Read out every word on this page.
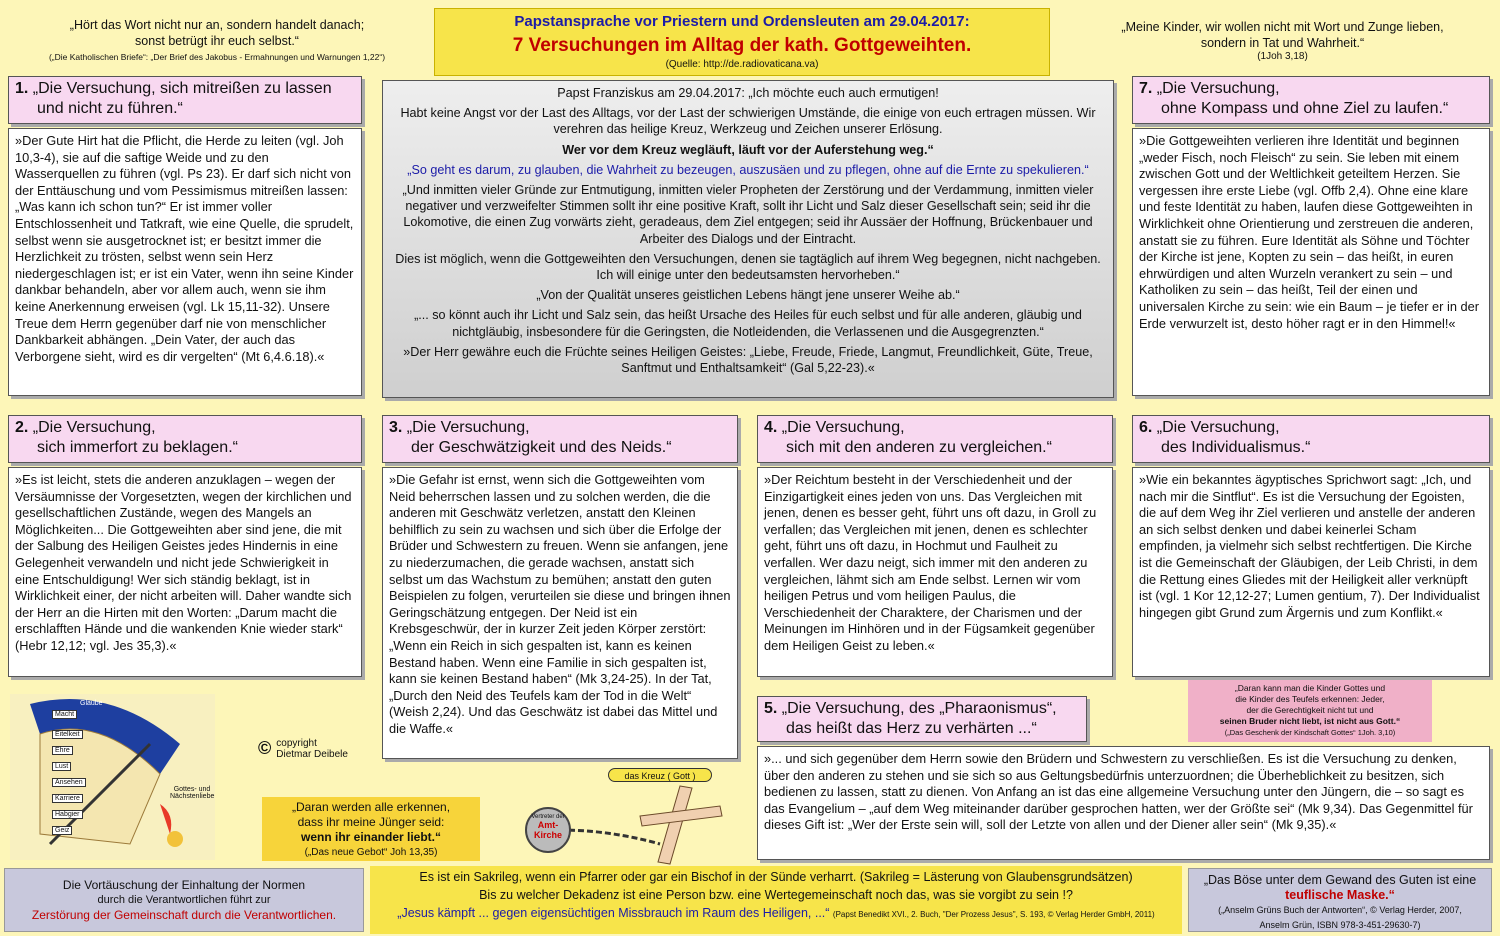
„Hört das Wort nicht nur an, sondern handelt danach;
sonst betrügt ihr euch selbst.“
(„Die Katholischen Briefe“: „Der Brief des Jakobus - Ermahnungen und Warnungen 1,22“)
Papstansprache vor Priestern und Ordensleuten am 29.04.2017:
7 Versuchungen im Alltag der kath. Gottgeweihten.
(Quelle: http://de.radiovaticana.va)
„Meine Kinder, wir wollen nicht mit Wort und Zunge lieben,
sondern in Tat und Wahrheit.“
(1Joh 3,18)
1. „Die Versuchung, sich mitreißen zu lassen
und nicht zu führen.“
»Der Gute Hirt hat die Pflicht, die Herde zu leiten (vgl. Joh 10,3-4), sie auf die saftige Weide und zu den Wasserquellen zu führen (vgl. Ps 23). Er darf sich nicht von der Enttäuschung und vom Pessimismus mitreißen lassen: „Was kann ich schon tun?“ Er ist immer voller Entschlossenheit und Tatkraft, wie eine Quelle, die sprudelt, selbst wenn sie ausgetrocknet ist; er besitzt immer die Herzlichkeit zu trösten, selbst wenn sein Herz niedergeschlagen ist; er ist ein Vater, wenn ihn seine Kinder dankbar behandeln, aber vor allem auch, wenn sie ihm keine Anerkennung erweisen (vgl. Lk 15,11-32). Unsere Treue dem Herrn gegenüber darf nie von menschlicher Dankbarkeit abhängen. „Dein Vater, der auch das Verborgene sieht, wird es dir vergelten“ (Mt 6,4.6.18).«

Papst Franziskus am 29.04.2017: „Ich möchte euch auch ermutigen!

Habt keine Angst vor der Last des Alltags, vor der Last der schwierigen Umstände, die einige von euch ertragen müssen. Wir verehren das heilige Kreuz, Werkzeug und Zeichen unserer Erlösung.

Wer vor dem Kreuz wegläuft, läuft vor der Auferstehung weg.“

„So geht es darum, zu glauben, die Wahrheit zu bezeugen, auszusäen und zu pflegen, ohne auf die Ernte zu spekulieren.“

„Und inmitten vieler Gründe zur Entmutigung, inmitten vieler Propheten der Zerstörung und der Verdammung, inmitten vieler negativer und verzweifelter Stimmen sollt ihr eine positive Kraft, sollt ihr Licht und Salz dieser Gesellschaft sein; seid ihr die Lokomotive, die einen Zug vorwärts zieht, geradeaus, dem Ziel entgegen; seid ihr Aussäer der Hoffnung, Brückenbauer und Arbeiter des Dialogs und der Eintracht.

Dies ist möglich, wenn die Gottgeweihten den Versuchungen, denen sie tagtäglich auf ihrem Weg begegnen, nicht nachgeben. Ich will einige unter den bedeutsamsten hervorheben.“

„Von der Qualität unseres geistlichen Lebens hängt jene unserer Weihe ab.“

„... so könnt auch ihr Licht und Salz sein, das heißt Ursache des Heiles für euch selbst und für alle anderen, gläubig und nichtgläubig, insbesondere für die Geringsten, die Notleidenden, die Verlassenen und die Ausgegrenzten.“

»Der Herr gewähre euch die Früchte seines Heiligen Geistes: „Liebe, Freude, Friede, Langmut, Freundlichkeit, Güte, Treue, Sanftmut und Enthaltsamkeit“ (Gal 5,22-23).«

7. „Die Versuchung,
ohne Kompass und ohne Ziel zu laufen.“
»Die Gottgeweihten verlieren ihre Identität und beginnen „weder Fisch, noch Fleisch“ zu sein. Sie leben mit einem zwischen Gott und der Weltlichkeit geteiltem Herzen. Sie vergessen ihre erste Liebe (vgl. Offb 2,4). Ohne eine klare und feste Identität zu haben, laufen diese Gottgeweihten in Wirklichkeit ohne Orientierung und zerstreuen die anderen, anstatt sie zu führen. Eure Identität als Söhne und Töchter der Kirche ist jene, Kopten zu sein – das heißt, in euren ehrwürdigen und alten Wurzeln verankert zu sein – und Katholiken zu sein – das heißt, Teil der einen und universalen Kirche zu sein: wie ein Baum – je tiefer er in der Erde verwurzelt ist, desto höher ragt er in den Himmel!«
2. „Die Versuchung,
sich immerfort zu beklagen.“
»Es ist leicht, stets die anderen anzuklagen – wegen der Versäumnisse der Vorgesetzten, wegen der kirchlichen und gesellschaftlichen Zustände, wegen des Mangels an Möglichkeiten... Die Gottgeweihten aber sind jene, die mit der Salbung des Heiligen Geistes jedes Hindernis in eine Gelegenheit verwandeln und nicht jede Schwierigkeit in eine Entschuldigung! Wer sich ständig beklagt, ist in Wirklichkeit einer, der nicht arbeiten will. Daher wandte sich der Herr an die Hirten mit den Worten: „Darum macht die erschlafften Hände und die wankenden Knie wieder stark“ (Hebr 12,12; vgl. Jes 35,3).«
3. „Die Versuchung,
der Geschwätzigkeit und des Neids.“
»Die Gefahr ist ernst, wenn sich die Gottgeweihten vom Neid beherrschen lassen und zu solchen werden, die die anderen mit Geschwätz verletzen, anstatt den Kleinen behilflich zu sein zu wachsen und sich über die Erfolge der Brüder und Schwestern zu freuen. Wenn sie anfangen, jene zu niederzumachen, die gerade wachsen, anstatt sich selbst um das Wachstum zu bemühen; anstatt den guten Beispielen zu folgen, verurteilen sie diese und bringen ihnen Geringschätzung entgegen. Der Neid ist ein Krebsgeschwür, der in kurzer Zeit jeden Körper zerstört: „Wenn ein Reich in sich gespalten ist, kann es keinen Bestand haben. Wenn eine Familie in sich gespalten ist, kann sie keinen Bestand haben“ (Mk 3,24-25). In der Tat, „Durch den Neid des Teufels kam der Tod in die Welt“ (Weish 2,24). Und das Geschwätz ist dabei das Mittel und die Waffe.«
4. „Die Versuchung,
sich mit den anderen zu vergleichen.“
»Der Reichtum besteht in der Verschiedenheit und der Einzigartigkeit eines jeden von uns. Das Vergleichen mit jenen, denen es besser geht, führt uns oft dazu, in Groll zu verfallen; das Vergleichen mit jenen, denen es schlechter geht, führt uns oft dazu, in Hochmut und Faulheit zu verfallen. Wer dazu neigt, sich immer mit den anderen zu vergleichen, lähmt sich am Ende selbst. Lernen wir vom heiligen Petrus und vom heiligen Paulus, die Verschiedenheit der Charaktere, der Charismen und der Meinungen im Hinhören und in der Fügsamkeit gegenüber dem Heiligen Geist zu leben.«
6. „Die Versuchung,
des Individualismus.“
»Wie ein bekanntes ägyptisches Sprichwort sagt: „Ich, und nach mir die Sintflut“. Es ist die Versuchung der Egoisten, die auf dem Weg ihr Ziel verlieren und anstelle der anderen an sich selbst denken und dabei keinerlei Scham empfinden, ja vielmehr sich selbst rechtfertigen. Die Kirche ist die Gemeinschaft der Gläubigen, der Leib Christi, in dem die Rettung eines Gliedes mit der Heiligkeit aller verknüpft ist (vgl. 1 Kor 12,12-27; Lumen gentium, 7). Der Individualist hingegen gibt Grund zum Ärgernis und zum Konflikt.«
5. „Die Versuchung, des „Pharaonismus“,
das heißt das Herz zu verhärten ...“
»... und sich gegenüber dem Herrn sowie den Brüdern und Schwestern zu verschließen. Es ist die Versuchung zu denken, über den anderen zu stehen und sie sich so aus Geltungsbedürfnis unterzuordnen; die Überheblichkeit zu besitzen, sich bedienen zu lassen, statt zu dienen. Von Anfang an ist das eine allgemeine Versuchung unter den Jüngern, die – so sagt es das Evangelium – „auf dem Weg miteinander darüber gesprochen hatten, wer der Größte sei“ (Mk 9,34). Das Gegenmittel für dieses Gift ist: „Wer der Erste sein will, soll der Letzte von allen und der Diener aller sein“ (Mk 9,35).«
„Daran kann man die Kinder Gottes und
die Kinder des Teufels erkennen: Jeder,
der die Gerechtigkeit nicht tut und
seinen Bruder nicht liebt, ist nicht aus Gott.“
(„Das Geschenk der Kindschaft Gottes“ 1Joh. 3,10)
Macht
Eitelkeit
Ehre
Lust
Ansehen
Karriere
Habgier
Geiz
Glaube
Gottes- und Nächstenliebe
© copyright
Dietmar Deibele
„Daran werden alle erkennen,
dass ihr meine Jünger seid:
wenn ihr einander liebt.“
(„Das neue Gebot“ Joh 13,35)
das Kreuz ( Gott )
Vertreter der
Amt-Kirche
Die Vortäuschung der Einhaltung der Normen
durch die Verantwortlichen führt zur
Zerstörung der Gemeinschaft durch die Verantwortlichen.
Es ist ein Sakrileg, wenn ein Pfarrer oder gar ein Bischof in der Sünde verharrt. (Sakrileg = Lästerung von Glaubensgrundsätzen)
Bis zu welcher Dekadenz ist eine Person bzw. eine Wertegemeinschaft noch das, was sie vorgibt zu sein !?
„Jesus kämpft ... gegen eigensüchtigen Missbrauch im Raum des Heiligen, ...“ (Papst Benedikt XVI., 2. Buch, "Der Prozess Jesus", S. 193, © Verlag Herder GmbH, 2011)
„Das Böse unter dem Gewand des Guten ist eine
teuflische Maske.“
(„Anselm Grüns Buch der Antworten“, © Verlag Herder, 2007,
Anselm Grün, ISBN 978-3-451-29630-7)
